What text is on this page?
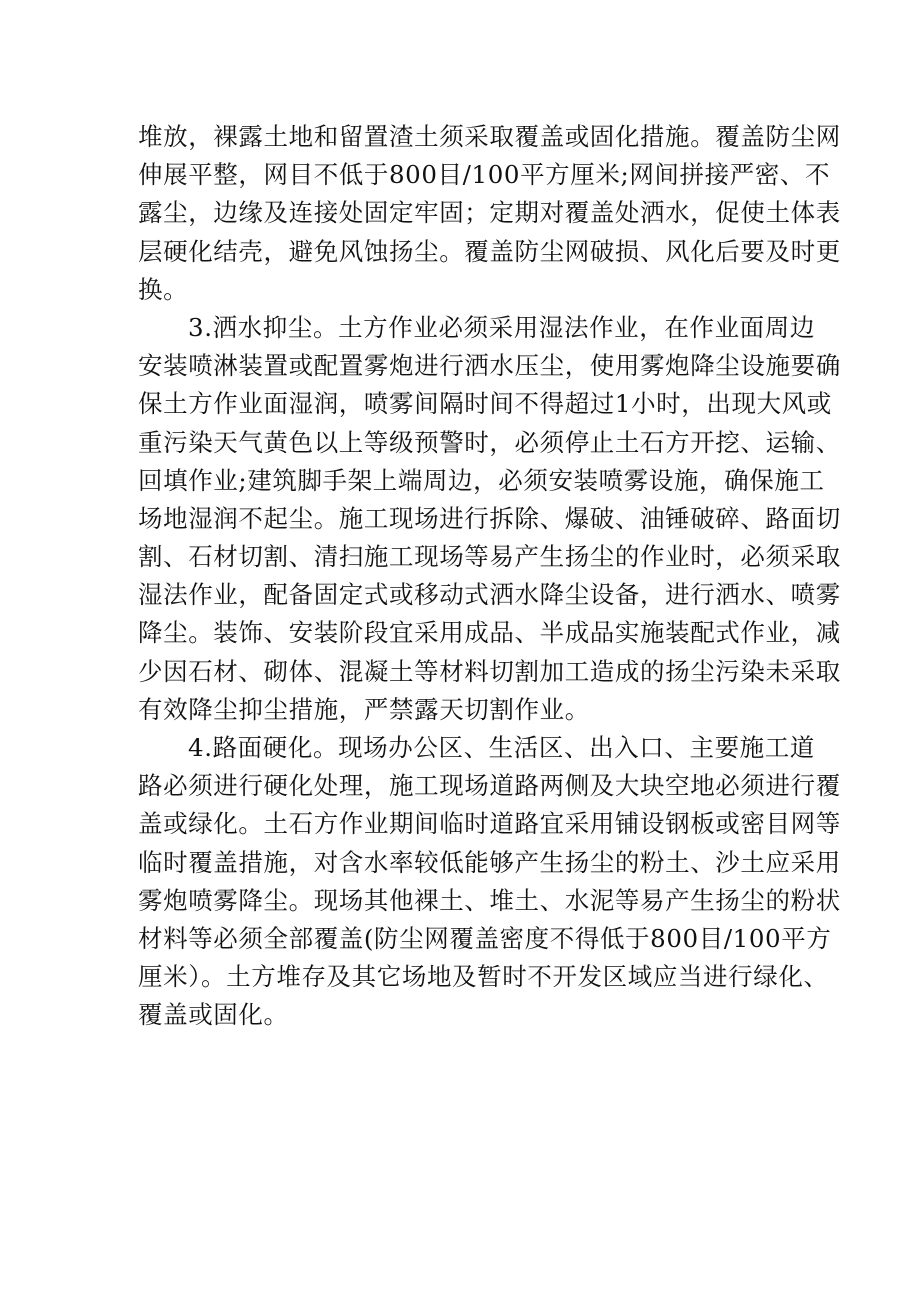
堆放，裸露土地和留置渣土须采取覆盖或固化措施。覆盖防尘网
伸展平整，网目不低于800目/100平方厘米;网间拼接严密、不
露尘，边缘及连接处固定牢固；定期对覆盖处洒水，促使土体表
层硬化结壳，避免风蚀扬尘。覆盖防尘网破损、风化后要及时更
换。
3.洒水抑尘。土方作业必须采用湿法作业，在作业面周边
安装喷淋装置或配置雾炮进行洒水压尘，使用雾炮降尘设施要确
保土方作业面湿润，喷雾间隔时间不得超过1小时，出现大风或
重污染天气黄色以上等级预警时，必须停止土石方开挖、运输、
回填作业;建筑脚手架上端周边，必须安装喷雾设施，确保施工
场地湿润不起尘。施工现场进行拆除、爆破、油锤破碎、路面切
割、石材切割、清扫施工现场等易产生扬尘的作业时，必须采取
湿法作业，配备固定式或移动式洒水降尘设备，进行洒水、喷雾
降尘。装饰、安装阶段宜采用成品、半成品实施装配式作业，减
少因石材、砌体、混凝土等材料切割加工造成的扬尘污染未采取
有效降尘抑尘措施，严禁露天切割作业。
4.路面硬化。现场办公区、生活区、出入口、主要施工道
路必须进行硬化处理，施工现场道路两侧及大块空地必须进行覆
盖或绿化。土石方作业期间临时道路宜采用铺设钢板或密目网等
临时覆盖措施，对含水率较低能够产生扬尘的粉土、沙土应采用
雾炮喷雾降尘。现场其他裸土、堆土、水泥等易产生扬尘的粉状
材料等必须全部覆盖(防尘网覆盖密度不得低于800目/100平方
厘米）。土方堆存及其它场地及暂时不开发区域应当进行绿化、
覆盖或固化。
